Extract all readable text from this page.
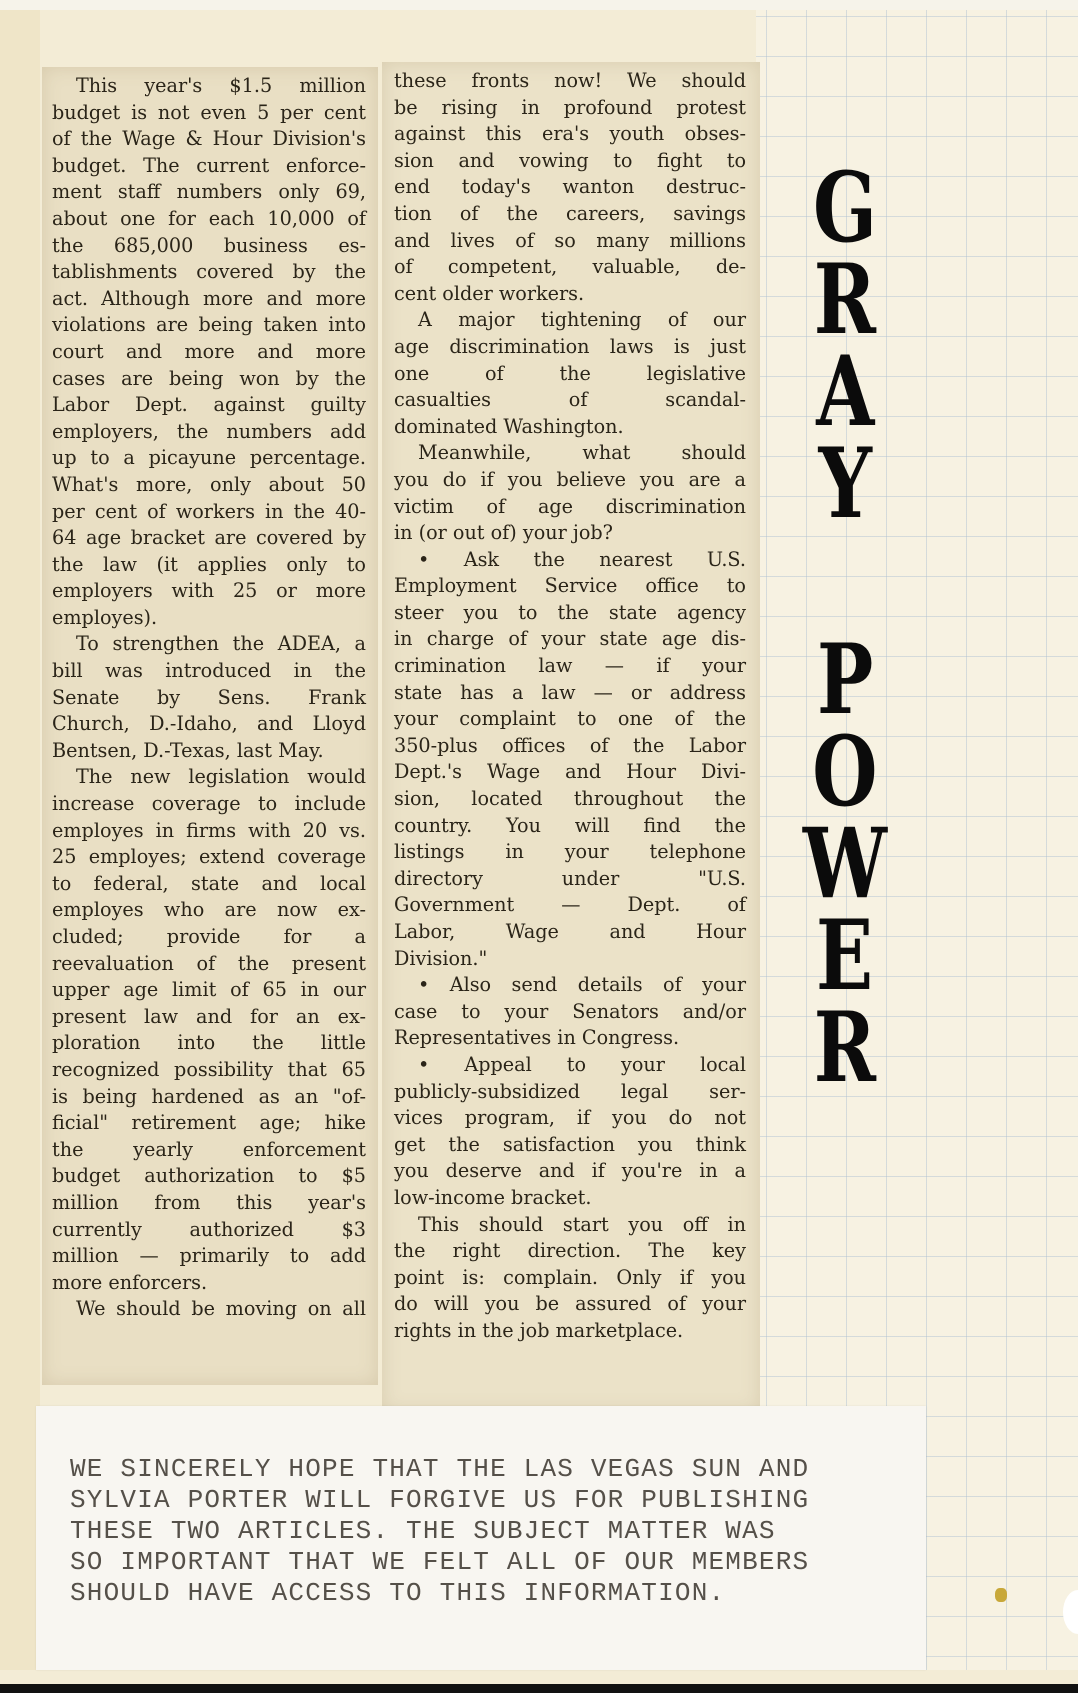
This year's $1.5 million
budget is not even 5 per cent
of the Wage & Hour Division's
budget. The current enforce-
ment staff numbers only 69,
about one for each 10,000 of
the 685,000 business es-
tablishments covered by the
act. Although more and more
violations are being taken into
court and more and more
cases are being won by the
Labor Dept. against guilty
employers, the numbers add
up to a picayune percentage.
What's more, only about 50
per cent of workers in the 40-
64 age bracket are covered by
the law (it applies only to
employers with 25 or more
employes).
To strengthen the ADEA, a
bill was introduced in the
Senate by Sens. Frank
Church, D.-Idaho, and Lloyd
Bentsen, D.-Texas, last May.
The new legislation would
increase coverage to include
employes in firms with 20 vs.
25 employes; extend coverage
to federal, state and local
employes who are now ex-
cluded; provide for a
reevaluation of the present
upper age limit of 65 in our
present law and for an ex-
ploration into the little
recognized possibility that 65
is being hardened as an "of-
ficial" retirement age; hike
the yearly enforcement
budget authorization to $5
million from this year's
currently authorized $3
million — primarily to add
more enforcers.
We should be moving on all
these fronts now! We should
be rising in profound protest
against this era's youth obses-
sion and vowing to fight to
end today's wanton destruc-
tion of the careers, savings
and lives of so many millions
of competent, valuable, de-
cent older workers.
A major tightening of our
age discrimination laws is just
one of the legislative
casualties of scandal-
dominated Washington.
Meanwhile, what should
you do if you believe you are a
victim of age discrimination
in (or out of) your job?
• Ask the nearest U.S.
Employment Service office to
steer you to the state agency
in charge of your state age dis-
crimination law — if your
state has a law — or address
your complaint to one of the
350-plus offices of the Labor
Dept.'s Wage and Hour Divi-
sion, located throughout the
country. You will find the
listings in your telephone
directory under "U.S.
Government — Dept. of
Labor, Wage and Hour
Division."
• Also send details of your
case to your Senators and/or
Representatives in Congress.
• Appeal to your local
publicly-subsidized legal ser-
vices program, if you do not
get the satisfaction you think
you deserve and if you're in a
low-income bracket.
This should start you off in
the right direction. The key
point is: complain. Only if you
do will you be assured of your
rights in the job marketplace.
G
R
A
Y
P
O
W
E
R
WE SINCERELY HOPE THAT THE LAS VEGAS SUN AND
SYLVIA PORTER WILL FORGIVE US FOR PUBLISHING
THESE TWO ARTICLES. THE SUBJECT MATTER WAS
SO IMPORTANT THAT WE FELT ALL OF OUR MEMBERS
SHOULD HAVE ACCESS TO THIS INFORMATION.
